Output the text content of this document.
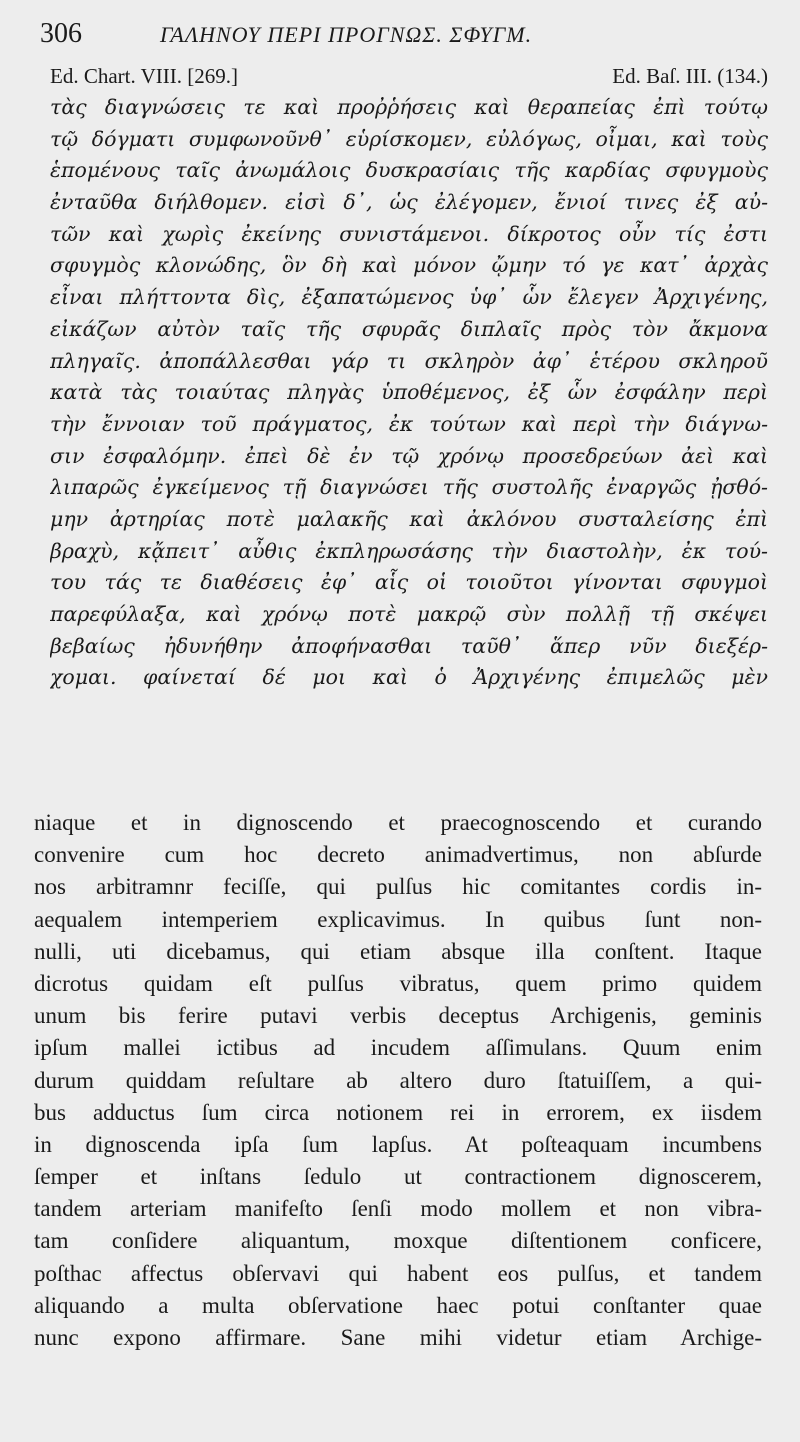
306	ΓΑΛΗΝΟΥ ΠΕΡΙ ΠΡΟΓΝΩΣ. ΣΦΥΓΜ.
Ed. Chart. VIII. [269.]	Ed. Baſ. III. (134.)
τὰς διαγνώσεις τε καὶ προῤῥήσεις καὶ θεραπείας ἐπὶ τούτῳ
τῷ δόγματι συμφωνοῦνθ᾽ εὑρίσκομεν, εὐλόγως, οἶμαι, καὶ τοὺς
ἑπομένους ταῖς ἀνωμάλοις δυσκρασίαις τῆς καρδίας σφυγμοὺς
ἐνταῦθα διήλθομεν. εἰσὶ δ᾽, ὡς ἐλέγομεν, ἔνιοί τινες ἐξ αὐ-
τῶν καὶ χωρὶς ἐκείνης συνιστάμενοι. δίκροτος οὖν τίς ἐστι
σφυγμὸς κλονώδης, ὃν δὴ καὶ μόνον ᾤμην τό γε κατ᾽ ἀρχὰς
εἶναι πλήττοντα δὶς, ἐξαπατώμενος ὑφ᾽ ὧν ἔλεγεν Ἀρχιγένης,
εἰκάζων αὐτὸν ταῖς τῆς σφυρᾶς διπλαῖς πρὸς τὸν ἄκμονα
πληγαῖς. ἀποπάλλεσθαι γάρ τι σκληρὸν ἀφ᾽ ἑτέρου σκληροῦ
κατὰ τὰς τοιαύτας πληγὰς ὑποθέμενος, ἐξ ὧν ἐσφάλην περὶ
τὴν ἔννοιαν τοῦ πράγματος, ἐκ τούτων καὶ περὶ τὴν διάγνω-
σιν ἐσφαλόμην. ἐπεὶ δὲ ἐν τῷ χρόνῳ προσεδρεύων ἀεὶ καὶ
λιπαρῶς ἐγκείμενος τῇ διαγνώσει τῆς συστολῆς ἐναργῶς ᾐσθό-
μην ἀρτηρίας ποτὲ μαλακῆς καὶ ἀκλόνου συσταλείσης ἐπὶ
βραχὺ, κᾄπειτ᾽ αὖθις ἐκπληρωσάσης τὴν διαστολὴν, ἐκ τού-
του τάς τε διαθέσεις ἐφ᾽ αἷς οἱ τοιοῦτοι γίνονται σφυγμοὶ
παρεφύλαξα, καὶ χρόνῳ ποτὲ μακρῷ σὺν πολλῇ τῇ σκέψει
βεβαίως ἠδυνήθην ἀποφήνασθαι ταῦθ᾽ ἅπερ νῦν διεξέρ-
χομαι. φαίνεταί δέ μοι καὶ ὁ Ἀρχιγένης ἐπιμελῶς μὲν
niaque et in dignoscendo et praecognoscendo et curando
convenire cum hoc decreto animadvertimus, non abſurde
nos arbitramnr feciſſe, qui pulſus hic comitantes cordis in-
aequalem intemperiem explicavimus. In quibus ſunt non-
nulli, uti dicebamus, qui etiam absque illa conſtent. Itaque
dicrotus quidam eſt pulſus vibratus, quem primo quidem
unum bis ferire putavi verbis deceptus Archigenis, geminis
ipſum mallei ictibus ad incudem aſſimulans. Quum enim
durum quiddam reſultare ab altero duro ſtatuiſſem, a qui-
bus adductus ſum circa notionem rei in errorem, ex iisdem
in dignoscenda ipſa ſum lapſus. At poſteaquam incumbens
ſemper et inſtans ſedulo ut contractionem dignoscerem,
tandem arteriam manifeſto ſenſi modo mollem et non vibra-
tam conſidere aliquantum, moxque diſtentionem conficere,
poſthac affectus obſervavi qui habent eos pulſus, et tandem
aliquando a multa obſervatione haec potui conſtanter quae
nunc expono affirmare. Sane mihi videtur etiam Archige-
